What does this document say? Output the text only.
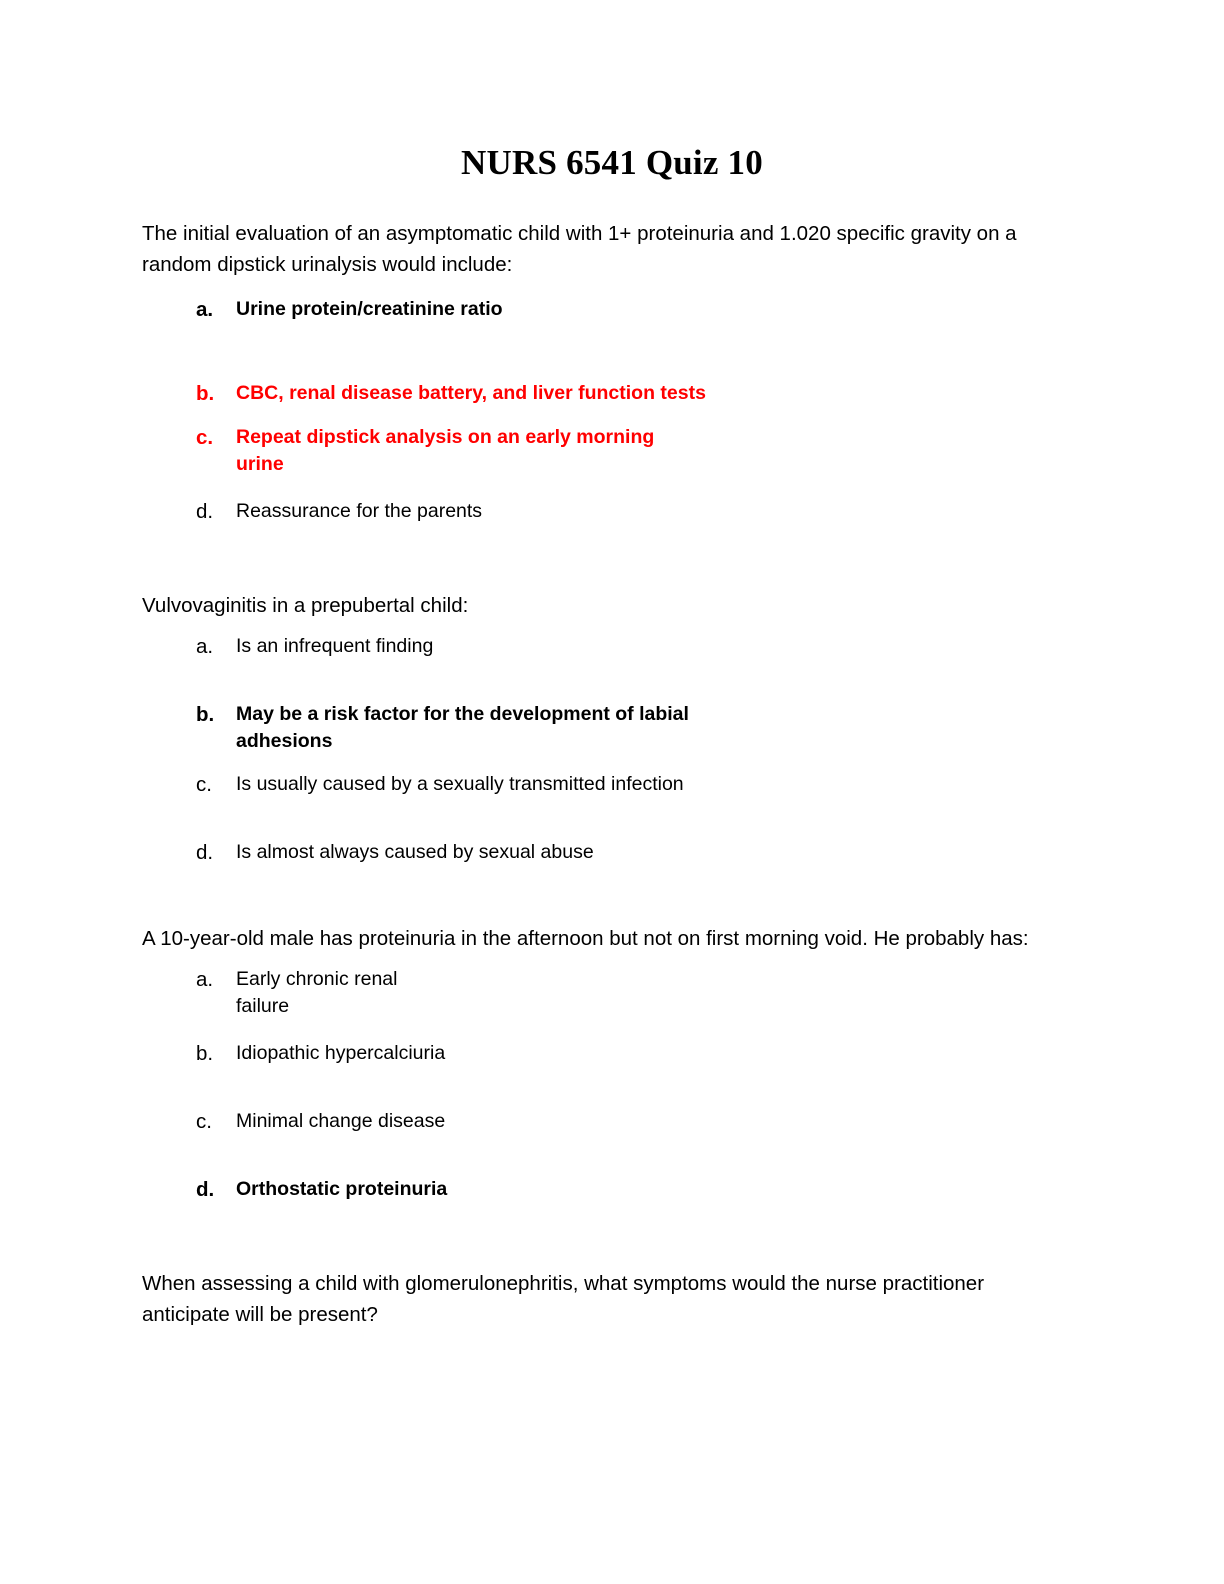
NURS 6541 Quiz 10

The initial evaluation of an asymptomatic child with 1+ proteinuria and 1.020 specific gravity on a random dipstick urinalysis would include:

a.	Urine protein/creatinine ratio
b.	CBC, renal disease battery, and liver function tests
c.	Repeat dipstick analysis on an early morning urine
d.	Reassurance for the parents

Vulvovaginitis in a prepubertal child:

a.	Is an infrequent finding
b.	May be a risk factor for the development of labial adhesions
c.	Is usually caused by a sexually transmitted infection
d.	Is almost always caused by sexual abuse

A 10-year-old male has proteinuria in the afternoon but not on first morning void. He probably has:

a.	Early chronic renal failure
b.	Idiopathic hypercalciuria
c.	Minimal change disease
d.	Orthostatic proteinuria

When assessing a child with glomerulonephritis, what symptoms would the nurse practitioner anticipate will be present?
